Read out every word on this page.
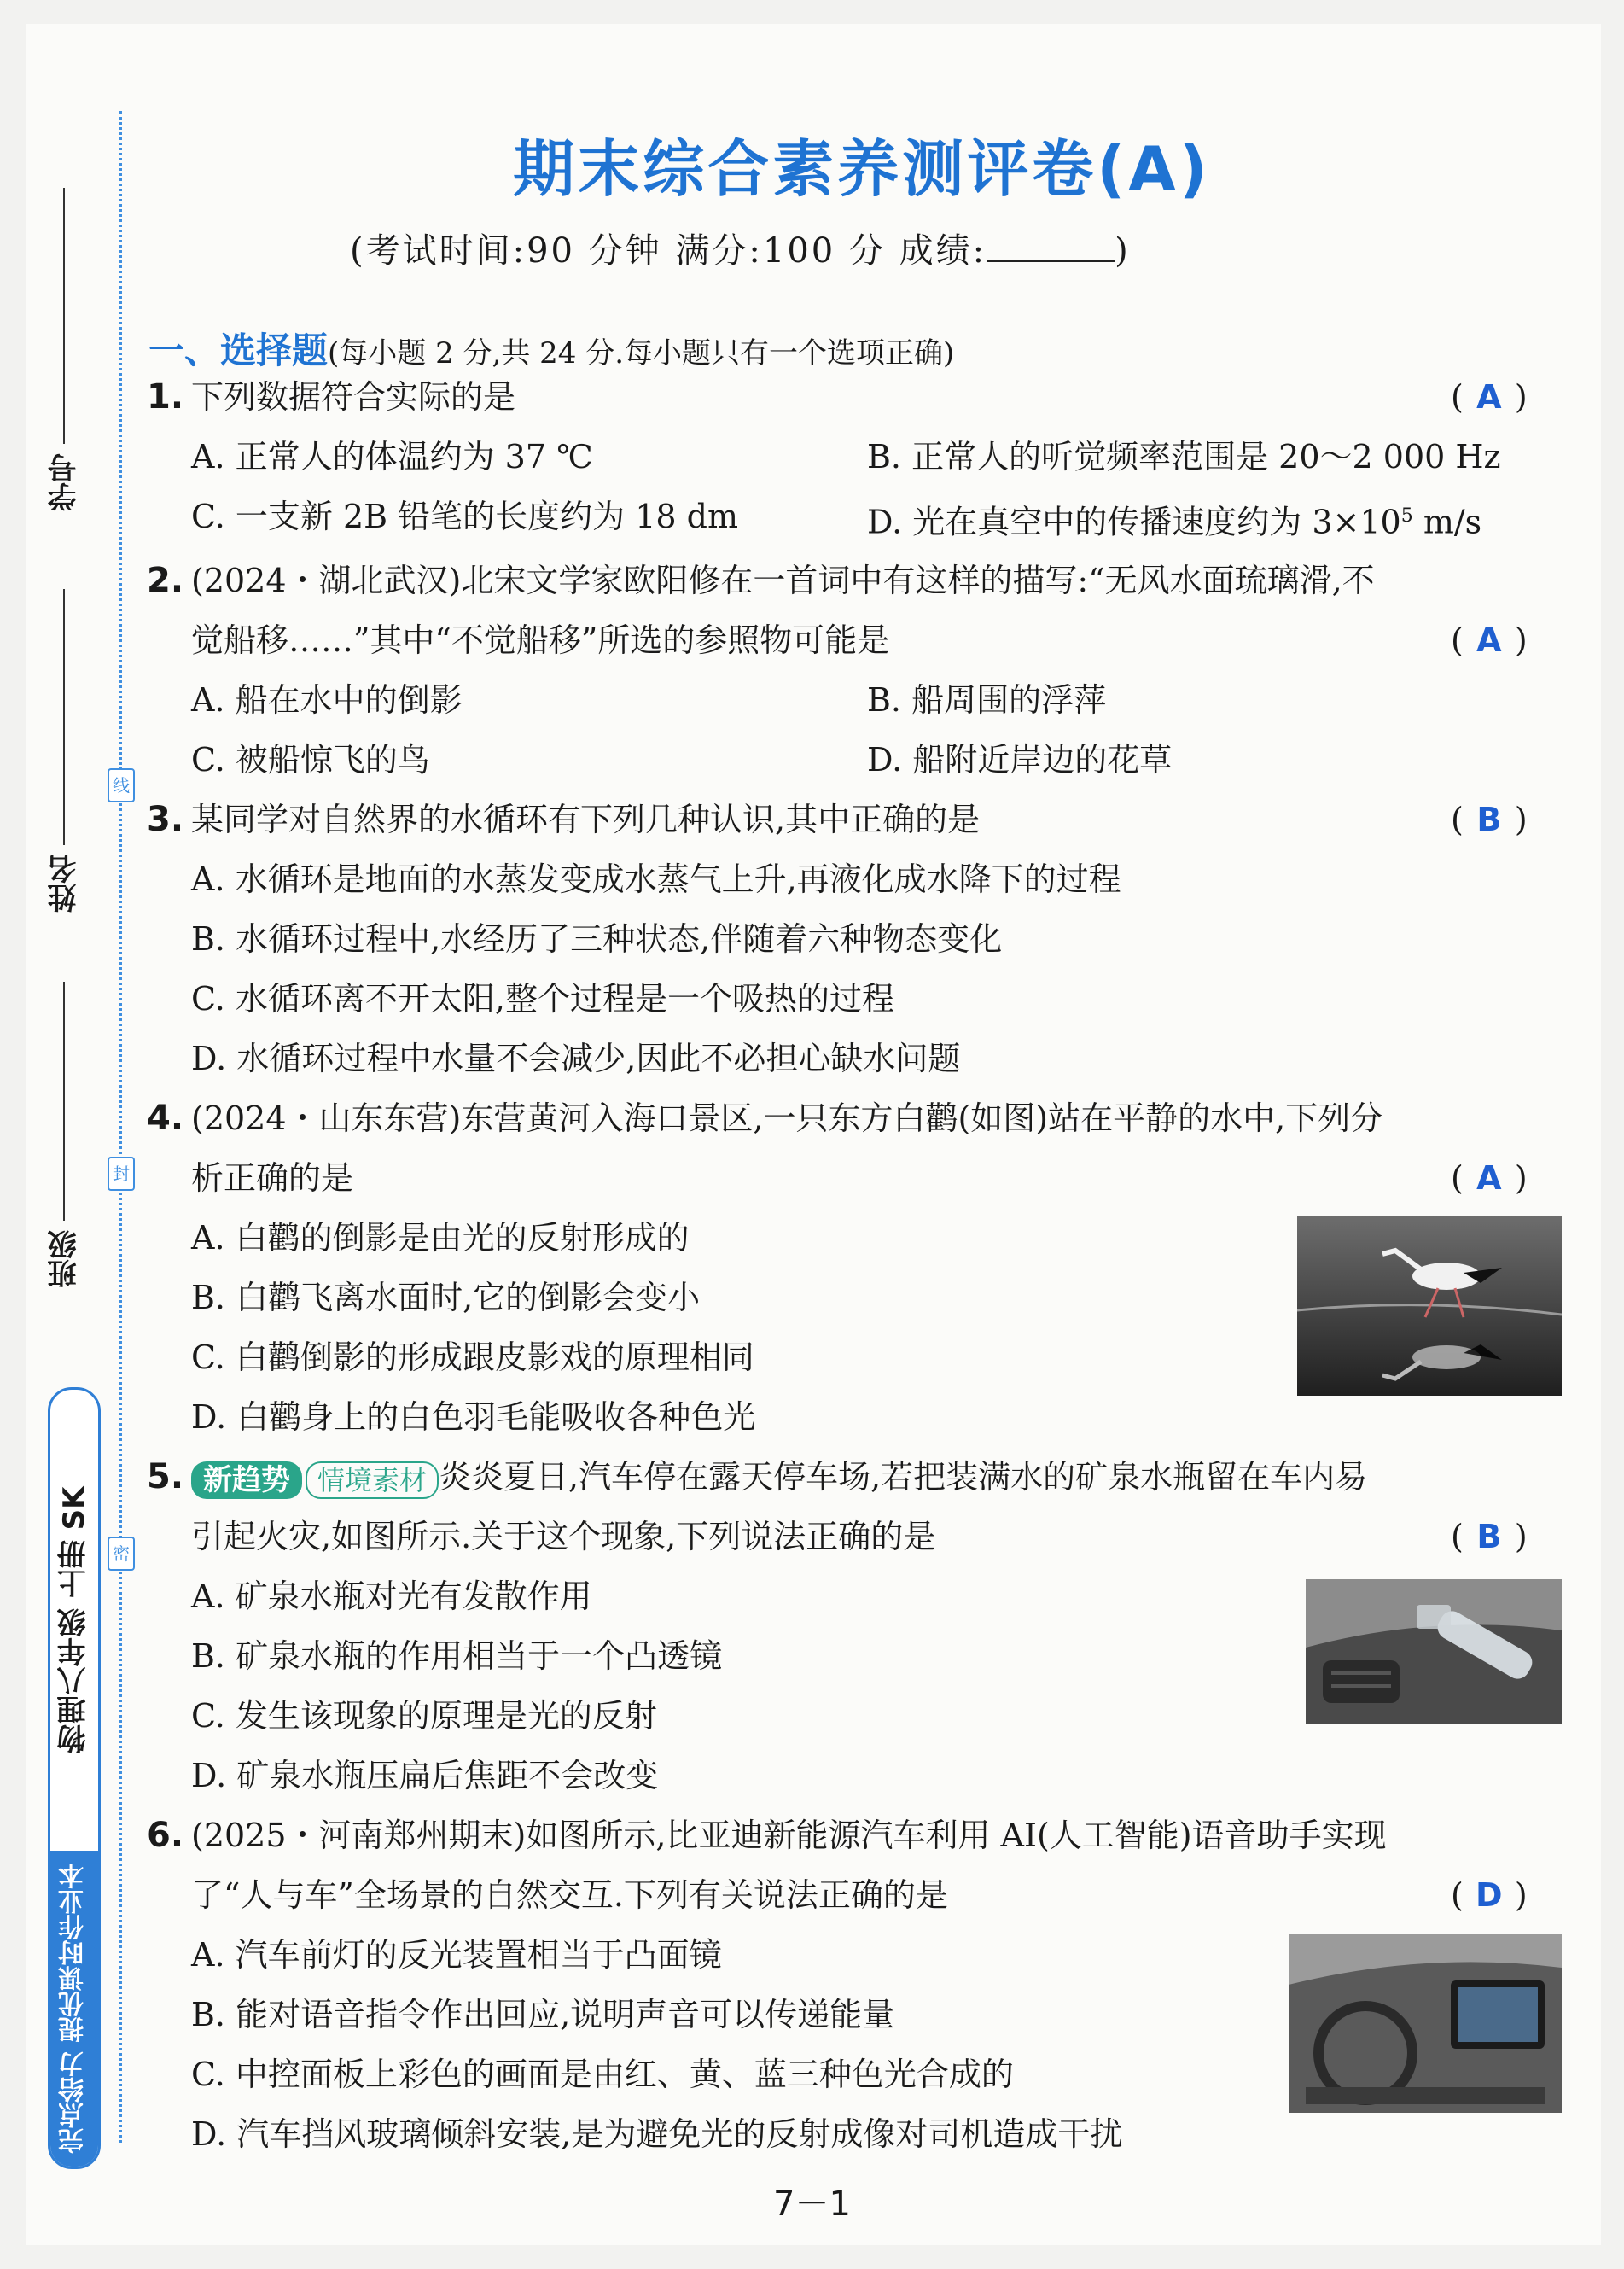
学号
姓名
班级
线
封
密
物理八年级 上册 SK
完点给力 提优课时作业本
期末综合素养测评卷(A)
(考试时间:90 分钟 满分:100 分 成绩:	)
一、选择题(每小题 2 分,共 24 分.每小题只有一个选项正确)
1. 下列数据符合实际的是	( A )
A. 正常人的体温约为 37 ℃	B. 正常人的听觉频率范围是 20～2 000 Hz
C. 一支新 2B 铅笔的长度约为 18 dm	D. 光在真空中的传播速度约为 $3\times 10^5$ m/s
2. (2024・湖北武汉)北宋文学家欧阳修在一首词中有这样的描写:“无风水面琉璃滑,不
觉船移……”其中“不觉船移”所选的参照物可能是	( A )
A. 船在水中的倒影	B. 船周围的浮萍
C. 被船惊飞的鸟	D. 船附近岸边的花草
3. 某同学对自然界的水循环有下列几种认识,其中正确的是	( B )
A. 水循环是地面的水蒸发变成水蒸气上升,再液化成水降下的过程
B. 水循环过程中,水经历了三种状态,伴随着六种物态变化
C. 水循环离不开太阳,整个过程是一个吸热的过程
D. 水循环过程中水量不会减少,因此不必担心缺水问题
4. (2024・山东东营)东营黄河入海口景区,一只东方白鹳(如图)站在平静的水中,下列分
析正确的是	( A )
A. 白鹳的倒影是由光的反射形成的
B. 白鹳飞离水面时,它的倒影会变小
C. 白鹳倒影的形成跟皮影戏的原理相同
D. 白鹳身上的白色羽毛能吸收各种色光
5. 新趋势 情境素材 炎炎夏日,汽车停在露天停车场,若把装满水的矿泉水瓶留在车内易
引起火灾,如图所示.关于这个现象,下列说法正确的是	( B )
A. 矿泉水瓶对光有发散作用
B. 矿泉水瓶的作用相当于一个凸透镜
C. 发生该现象的原理是光的反射
D. 矿泉水瓶压扁后焦距不会改变
6. (2025・河南郑州期末)如图所示,比亚迪新能源汽车利用 AI(人工智能)语音助手实现
了“人与车”全场景的自然交互.下列有关说法正确的是	( D )
A. 汽车前灯的反光装置相当于凸面镜
B. 能对语音指令作出回应,说明声音可以传递能量
C. 中控面板上彩色的画面是由红、黄、蓝三种色光合成的
D. 汽车挡风玻璃倾斜安装,是为避免光的反射成像对司机造成干扰
7－1
